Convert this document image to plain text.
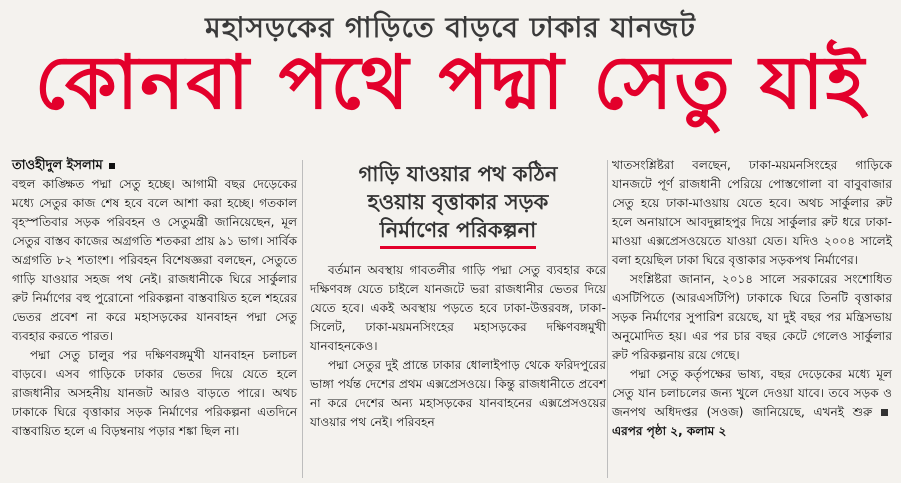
মহাসড়কের গাড়িতে বাড়বে ঢাকার যানজট
কোনবা পথে পদ্মা সেতু যাই
তাওহীদুল ইসলাম

বহুল কাঙ্ক্ষিত পদ্মা সেতু হচ্ছে। আগামী বছর দেড়েকের মধ্যে সেতুর কাজ শেষ হবে বলে আশা করা হচ্ছে। গতকাল বৃহস্পতিবার সড়ক পরিবহন ও সেতুমন্ত্রী জানিয়েছেন, মূল সেতুর বাস্তব কাজের অগ্রগতি শতকরা প্রায় ৯১ ভাগ। সার্বিক অগ্রগতি ৮২ শতাংশ। পরিবহন বিশেষজ্ঞরা বলছেন, সেতুতে গাড়ি যাওয়ার সহজ পথ নেই। রাজধানীকে ঘিরে সার্কুলার রুট নির্মাণের বহু পুরোনো পরিকল্পনা বাস্তবায়িত হলে শহরের ভেতর প্রবেশ না করে মহাসড়কের যানবাহন পদ্মা সেতু ব্যবহার করতে পারত।

পদ্মা সেতু চালুর পর দক্ষিণবঙ্গমুখী যানবাহন চলাচল বাড়বে। এসব গাড়িকে ঢাকার ভেতর দিয়ে যেতে হলে রাজধানীর অসহনীয় যানজট আরও বাড়তে পারে। অথচ ঢাকাকে ঘিরে বৃত্তাকার সড়ক নির্মাণের পরিকল্পনা এতদিনে বাস্তবায়িত হলে এ বিড়ম্বনায় পড়ার শঙ্কা ছিল না।

গাড়ি যাওয়ার পথ কঠিন
হওয়ায় বৃত্তাকার সড়ক
নির্মাণের পরিকল্পনা

বর্তমান অবস্থায় গাবতলীর গাড়ি পদ্মা সেতু ব্যবহার করে দক্ষিণবঙ্গ যেতে চাইলে যানজটে ভরা রাজধানীর ভেতর দিয়ে যেতে হবে। একই অবস্থায় পড়তে হবে ঢাকা-উত্তরবঙ্গ, ঢাকা-সিলেট, ঢাকা-ময়মনসিংহের মহাসড়কের দক্ষিণবঙ্গমুখী যানবাহনকেও।

পদ্মা সেতুর দুই প্রান্তে ঢাকার ধোলাইপাড় থেকে ফরিদপুরের ভাঙ্গা পর্যন্ত দেশের প্রথম এক্সপ্রেসওয়ে। কিন্তু রাজধানীতে প্রবেশ না করে দেশের অন্য মহাসড়কের যানবাহনের এক্সপ্রেসওয়ের যাওয়ার পথ নেই। পরিবহন

খাতসংশ্লিষ্টরা বলছেন, ঢাকা-ময়মনসিংহের গাড়িকে যানজটে পূর্ণ রাজধানী পেরিয়ে পোস্তগোলা বা বাবুবাজার সেতু হয়ে ঢাকা-মাওয়ায় যেতে হবে। অথচ সার্কুলার রুট হলে অনায়াসে আবদুল্লাহপুর দিয়ে সার্কুলার রুট ধরে ঢাকা-মাওয়া এক্সপ্রেসওয়েতে যাওয়া যেত। যদিও ২০০৪ সালেই বলা হয়েছিল ঢাকা ঘিরে বৃত্তাকার সড়কপথ নির্মাণের।

সংশ্লিষ্টরা জানান, ২০১৪ সালে সরকারের সংশোধিত এসটিপিতে (আরএসটিপি) ঢাকাকে ঘিরে তিনটি বৃত্তাকার সড়ক নির্মাণের সুপারিশ রয়েছে, যা দুই বছর পর মন্ত্রিসভায় অনুমোদিত হয়। এর পর চার বছর কেটে গেলেও সার্কুলার রুট পরিকল্পনায় রয়ে গেছে।

পদ্মা সেতু কর্তৃপক্ষের ভাষ্য, বছর দেড়েকের মধ্যে মূল সেতু যান চলাচলের জন্য খুলে দেওয়া যাবে। তবে সড়ক ও জনপথ অধিদপ্তর (সওজ) জানিয়েছে, এখনই শুরু এরপর পৃষ্ঠা ২, কলাম ২
